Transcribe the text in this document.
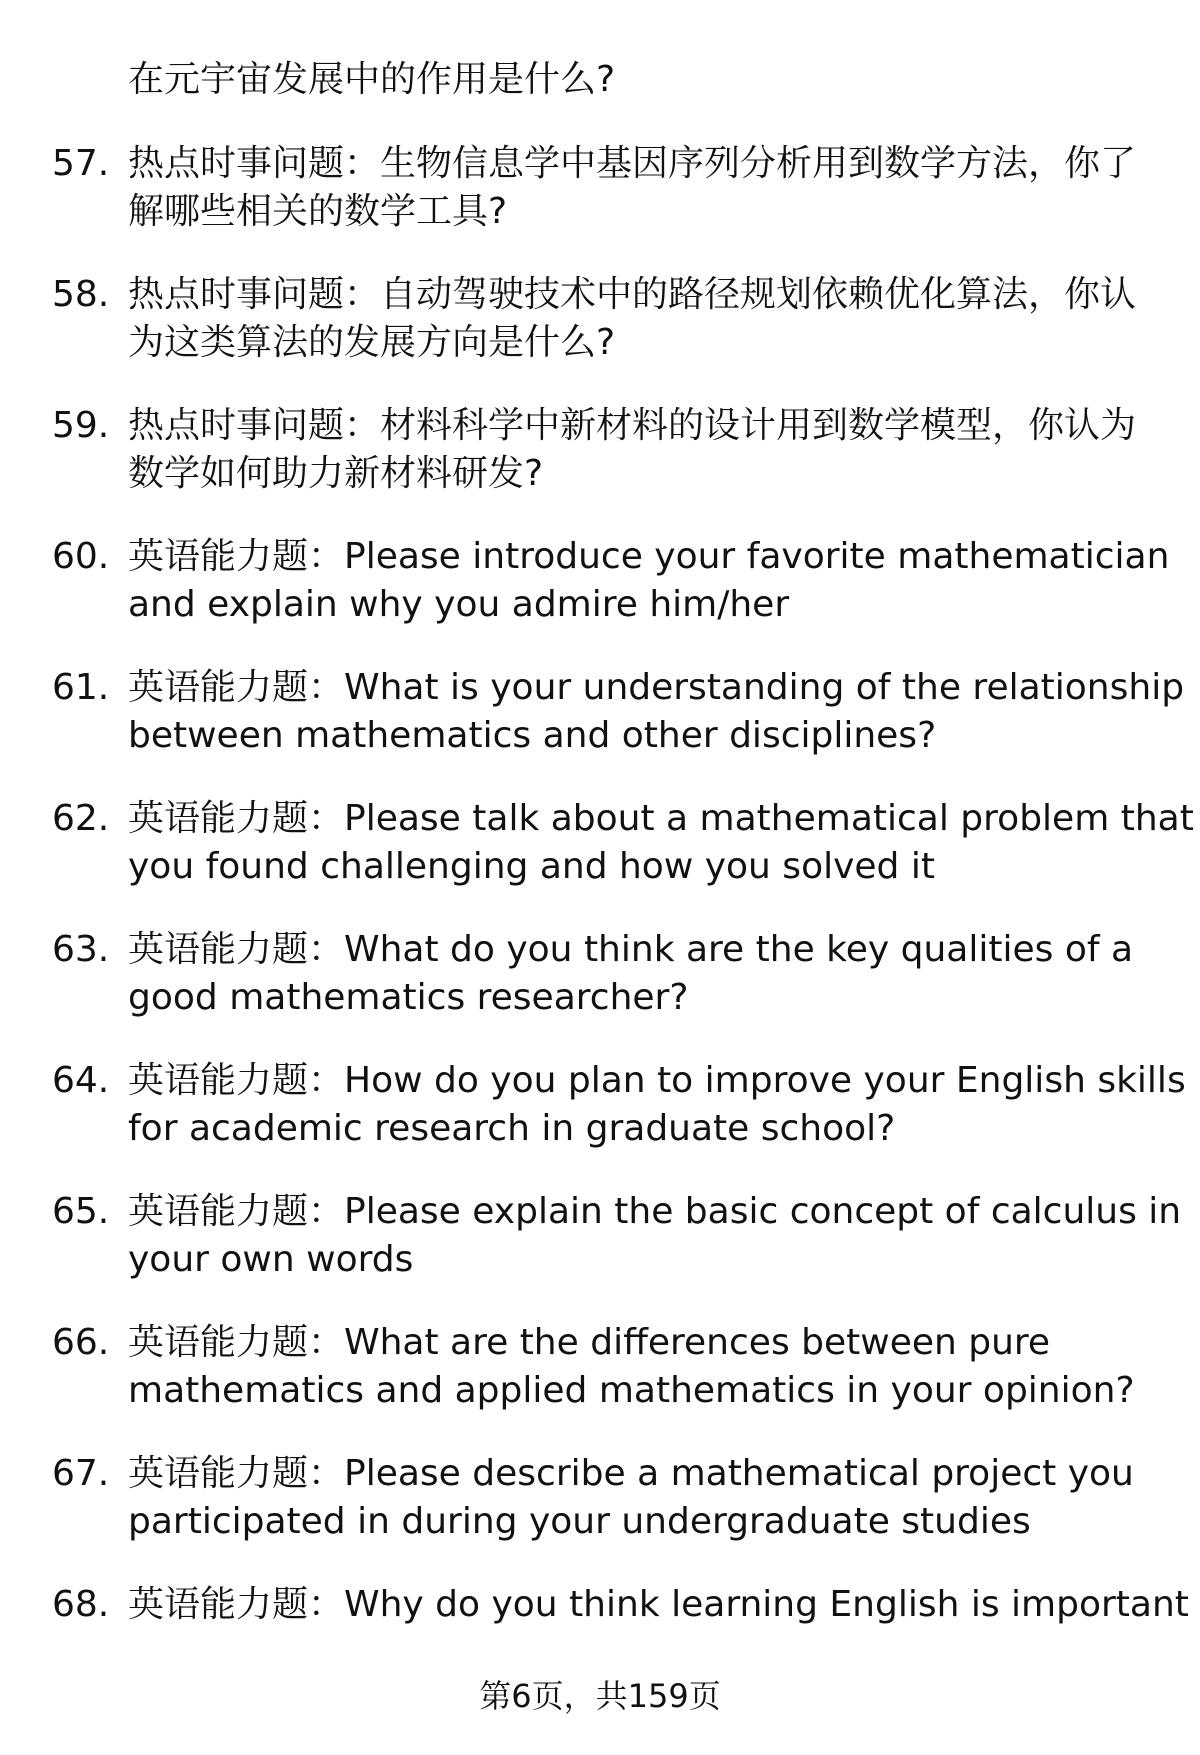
在元宇宙发展中的作用是什么?
57. 热点时事问题：生物信息学中基因序列分析用到数学方法，你了
解哪些相关的数学工具?
58. 热点时事问题：自动驾驶技术中的路径规划依赖优化算法，你认
为这类算法的发展方向是什么?
59. 热点时事问题：材料科学中新材料的设计用到数学模型，你认为
数学如何助力新材料研发?
60. 英语能力题：Please introduce your favorite mathematician
and explain why you admire him/her
61. 英语能力题：What is your understanding of the relationship
between mathematics and other disciplines?
62. 英语能力题：Please talk about a mathematical problem that
you found challenging and how you solved it
63. 英语能力题：What do you think are the key qualities of a
good mathematics researcher?
64. 英语能力题：How do you plan to improve your English skills
for academic research in graduate school?
65. 英语能力题：Please explain the basic concept of calculus in
your own words
66. 英语能力题：What are the differences between pure
mathematics and applied mathematics in your opinion?
67. 英语能力题：Please describe a mathematical project you
participated in during your undergraduate studies
68. 英语能力题：Why do you think learning English is important
第6页，共159页
